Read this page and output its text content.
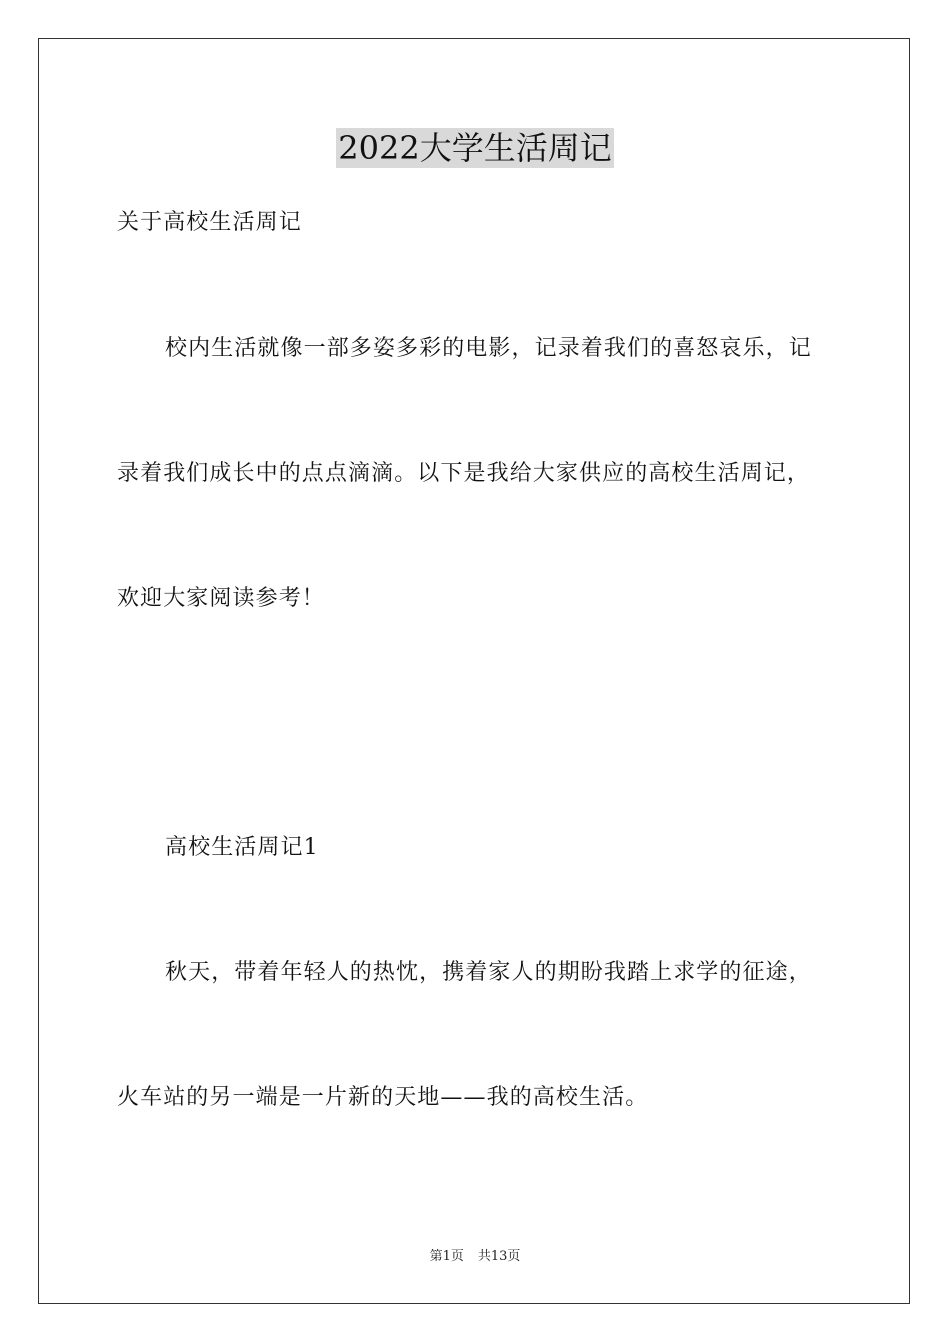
2022大学生活周记
关于高校生活周记
校内生活就像一部多姿多彩的电影，记录着我们的喜怒哀乐，记
录着我们成长中的点点滴滴。以下是我给大家供应的高校生活周记，
欢迎大家阅读参考！
高校生活周记1
秋天，带着年轻人的热忱，携着家人的期盼我踏上求学的征途，
火车站的另一端是一片新的天地——我的高校生活。
第1页 共13页
